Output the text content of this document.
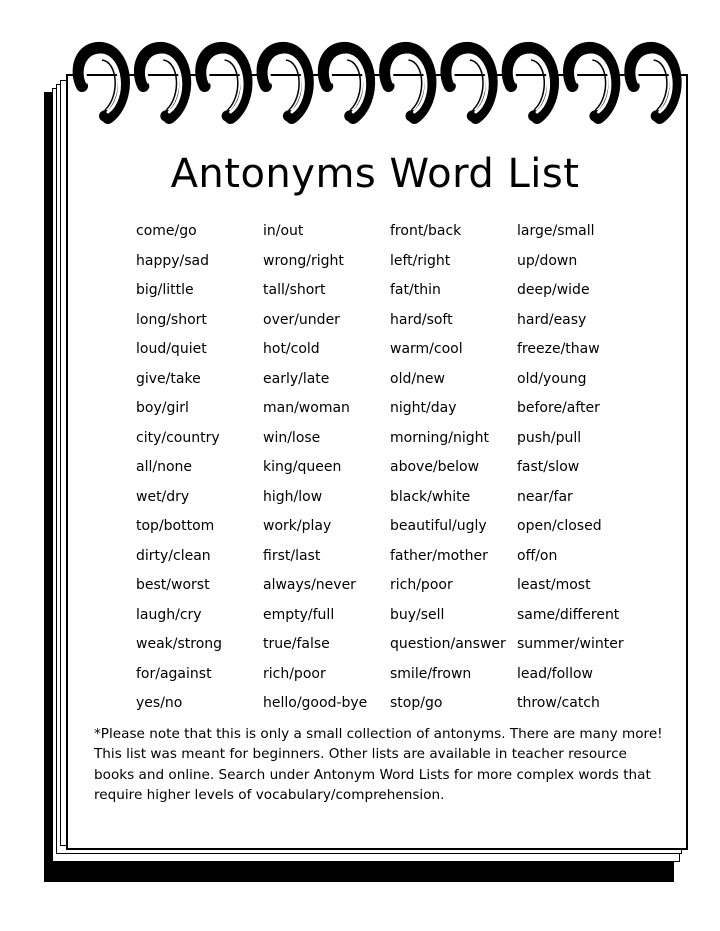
Antonyms Word List
come/go
happy/sad
big/little
long/short
loud/quiet
give/take
boy/girl
city/country
all/none
wet/dry
top/bottom
dirty/clean
best/worst
laugh/cry
weak/strong
for/against
yes/no
in/out
wrong/right
tall/short
over/under
hot/cold
early/late
man/woman
win/lose
king/queen
high/low
work/play
first/last
always/never
empty/full
true/false
rich/poor
hello/good-bye
front/back
left/right
fat/thin
hard/soft
warm/cool
old/new
night/day
morning/night
above/below
black/white
beautiful/ugly
father/mother
rich/poor
buy/sell
question/answer
smile/frown
stop/go
large/small
up/down
deep/wide
hard/easy
freeze/thaw
old/young
before/after
push/pull
fast/slow
near/far
open/closed
off/on
least/most
same/different
summer/winter
lead/follow
throw/catch
*Please note that this is only a small collection of antonyms. There are many more! This list was meant for beginners. Other lists are available in teacher resource books and online. Search under Antonym Word Lists for more complex words that require higher levels of vocabulary/comprehension.
